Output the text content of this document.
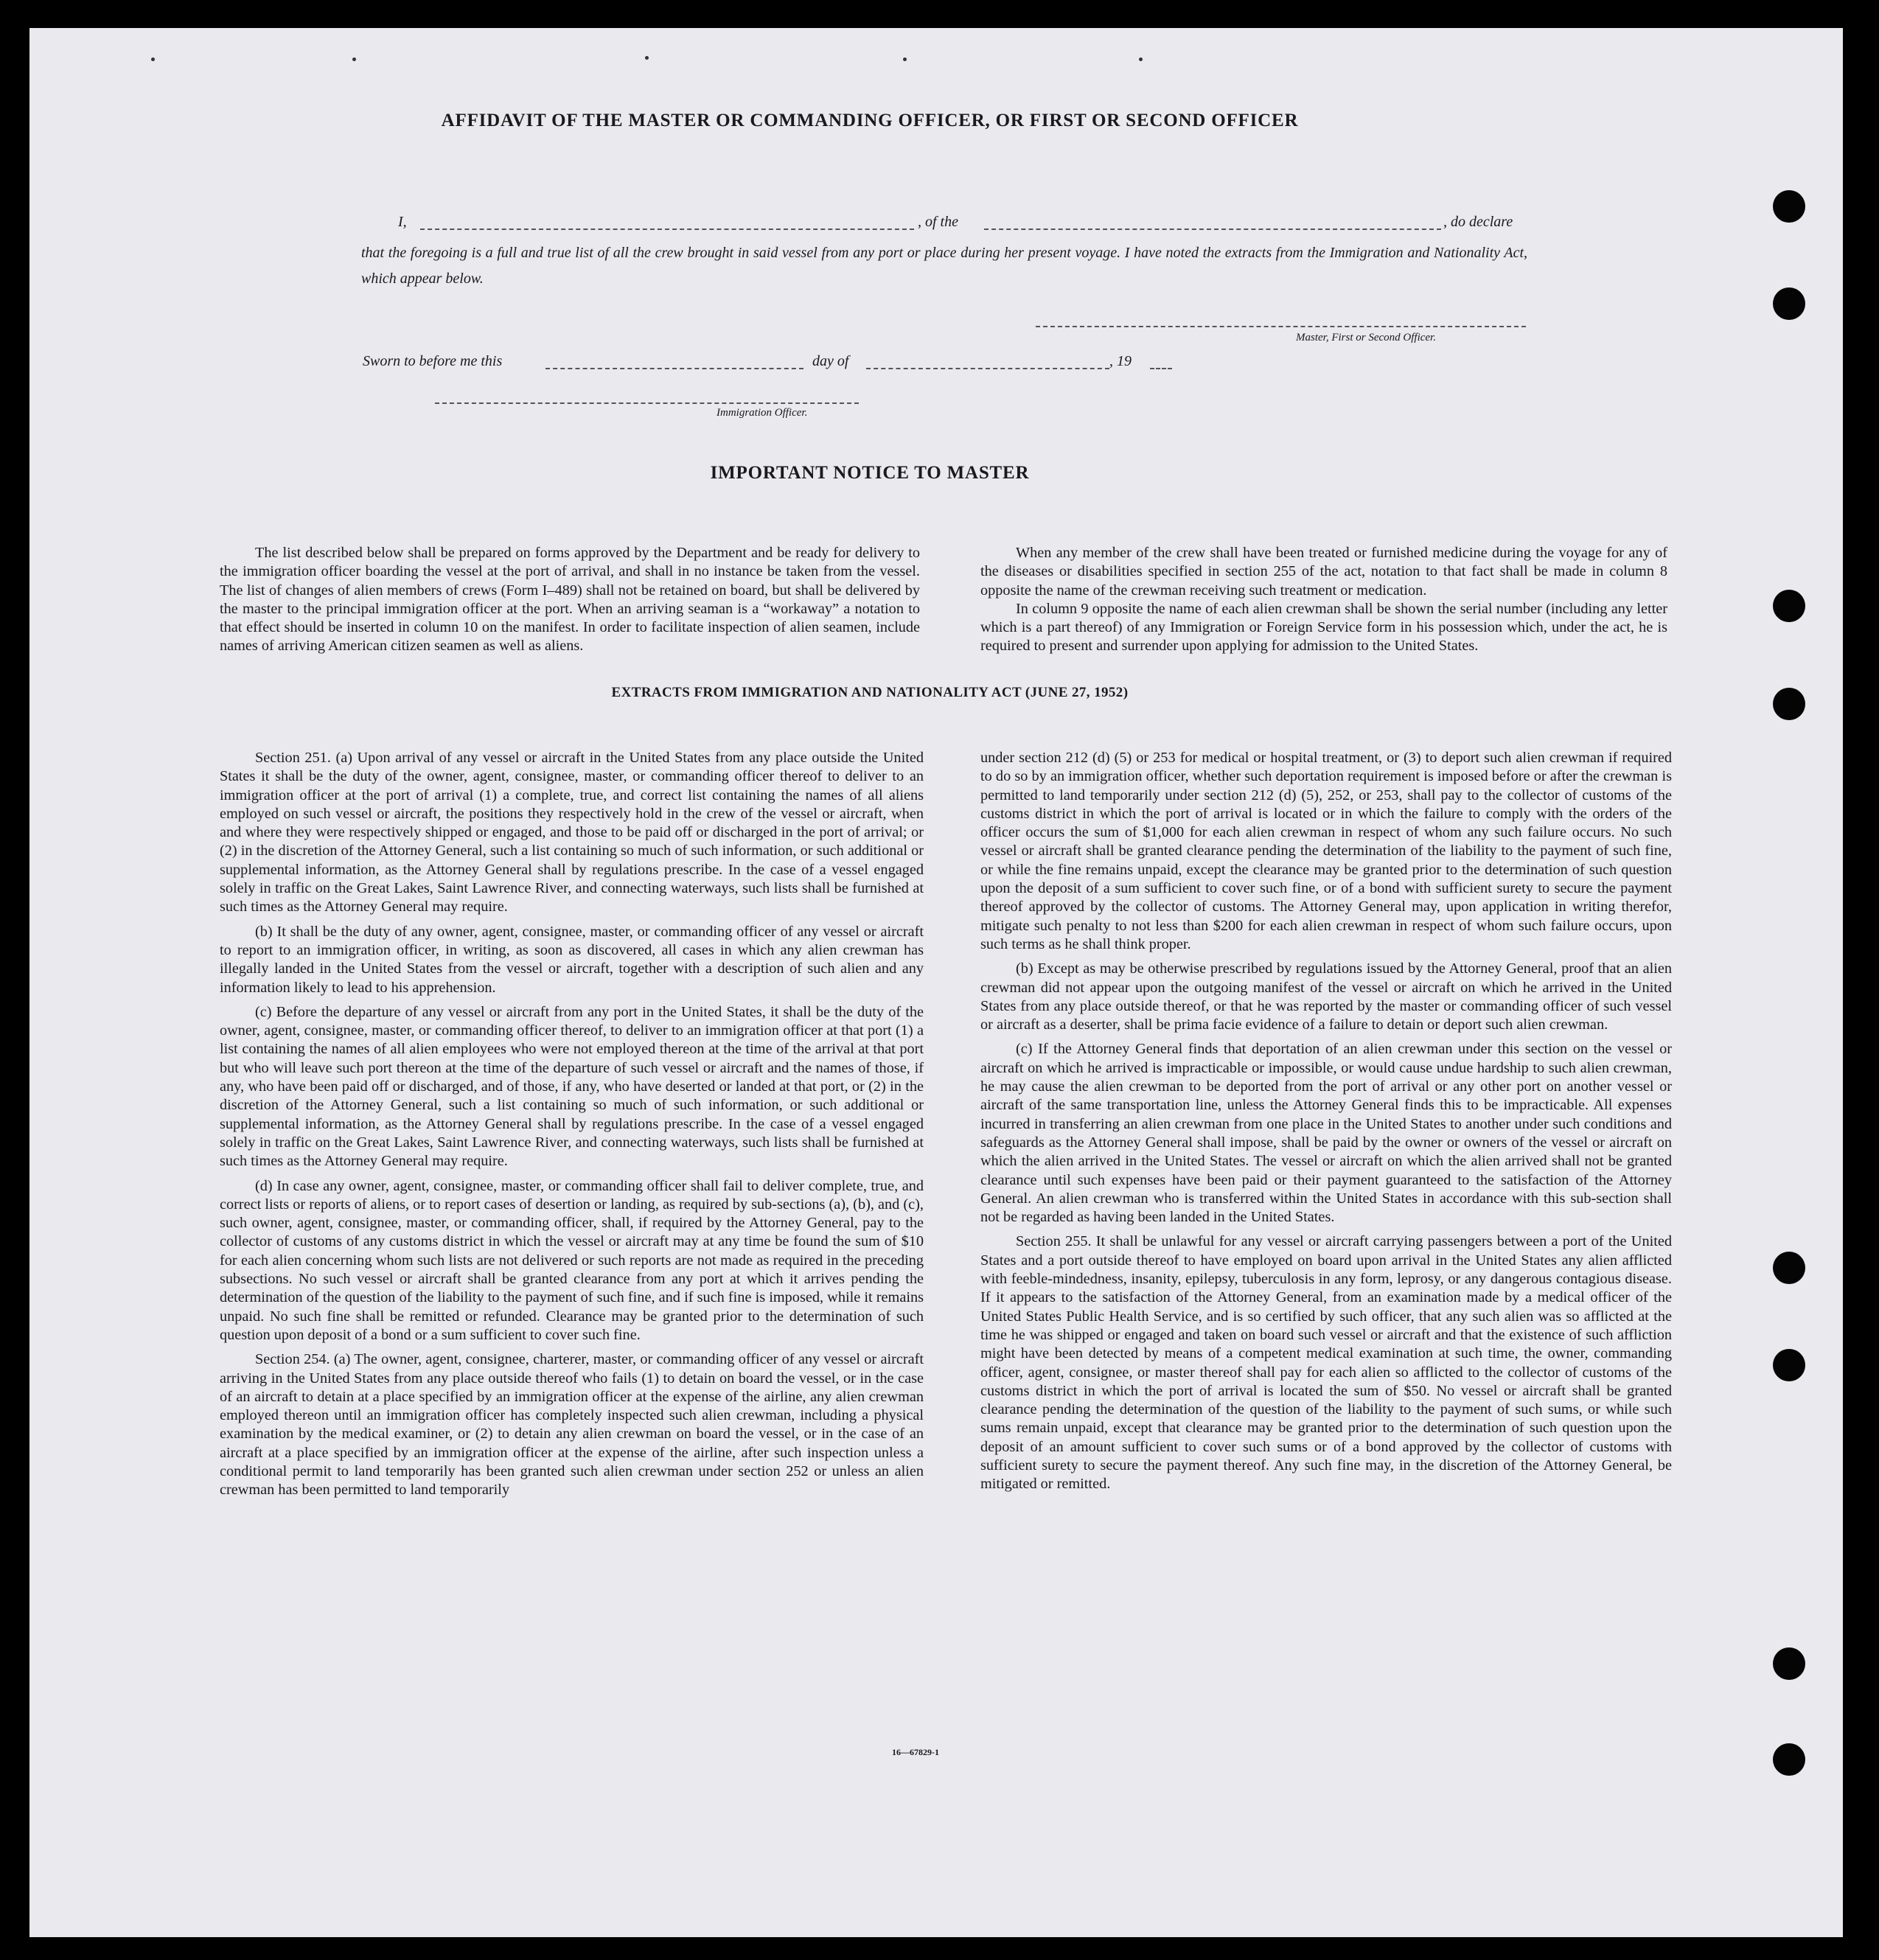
AFFIDAVIT OF THE MASTER OR COMMANDING OFFICER, OR FIRST OR SECOND OFFICER
I,	, of the	, do declare
that the foregoing is a full and true list of all the crew brought in said vessel from any port or place during her present voyage. I have noted the extracts from the Immigration and Nationality Act, which appear below.
Master, First or Second Officer.
Sworn to before me this	day of	, 19
Immigration Officer.
IMPORTANT NOTICE TO MASTER

The list described below shall be prepared on forms approved by the Department and be ready for delivery to the immigration officer boarding the vessel at the port of arrival, and shall in no instance be taken from the vessel. The list of changes of alien members of crews (Form I–489) shall not be retained on board, but shall be delivered by the master to the principal immigration officer at the port. When an arriving seaman is a “workaway” a notation to that effect should be inserted in column 10 on the manifest. In order to facilitate inspection of alien seamen, include names of arriving American citizen seamen as well as aliens.

When any member of the crew shall have been treated or furnished medicine during the voyage for any of the diseases or disabilities specified in section 255 of the act, notation to that fact shall be made in column 8 opposite the name of the crewman receiving such treatment or medication.

In column 9 opposite the name of each alien crewman shall be shown the serial number (including any letter which is a part thereof) of any Immigration or Foreign Service form in his possession which, under the act, he is required to present and surrender upon applying for admission to the United States.

EXTRACTS FROM IMMIGRATION AND NATIONALITY ACT (JUNE 27, 1952)

Section 251. (a) Upon arrival of any vessel or aircraft in the United States from any place outside the United States it shall be the duty of the owner, agent, consignee, master, or commanding officer thereof to deliver to an immigration officer at the port of arrival (1) a complete, true, and correct list containing the names of all aliens employed on such vessel or aircraft, the positions they respectively hold in the crew of the vessel or aircraft, when and where they were respectively shipped or engaged, and those to be paid off or discharged in the port of arrival; or (2) in the discretion of the Attorney General, such a list containing so much of such information, or such additional or supplemental information, as the Attorney General shall by regulations prescribe. In the case of a vessel engaged solely in traffic on the Great Lakes, Saint Lawrence River, and connecting waterways, such lists shall be furnished at such times as the Attorney General may require.

(b) It shall be the duty of any owner, agent, consignee, master, or commanding officer of any vessel or aircraft to report to an immigration officer, in writing, as soon as discovered, all cases in which any alien crewman has illegally landed in the United States from the vessel or aircraft, together with a description of such alien and any information likely to lead to his apprehension.

(c) Before the departure of any vessel or aircraft from any port in the United States, it shall be the duty of the owner, agent, consignee, master, or commanding officer thereof, to deliver to an immigration officer at that port (1) a list containing the names of all alien employees who were not employed thereon at the time of the arrival at that port but who will leave such port thereon at the time of the departure of such vessel or aircraft and the names of those, if any, who have been paid off or discharged, and of those, if any, who have deserted or landed at that port, or (2) in the discretion of the Attorney General, such a list containing so much of such information, or such additional or supplemental information, as the Attorney General shall by regulations prescribe. In the case of a vessel engaged solely in traffic on the Great Lakes, Saint Lawrence River, and connecting waterways, such lists shall be furnished at such times as the Attorney General may require.

(d) In case any owner, agent, consignee, master, or commanding officer shall fail to deliver complete, true, and correct lists or reports of aliens, or to report cases of desertion or landing, as required by sub-sections (a), (b), and (c), such owner, agent, consignee, master, or commanding officer, shall, if required by the Attorney General, pay to the collector of customs of any customs district in which the vessel or aircraft may at any time be found the sum of $10 for each alien concerning whom such lists are not delivered or such reports are not made as required in the preceding subsections. No such vessel or aircraft shall be granted clearance from any port at which it arrives pending the determination of the question of the liability to the payment of such fine, and if such fine is imposed, while it remains unpaid. No such fine shall be remitted or refunded. Clearance may be granted prior to the determination of such question upon deposit of a bond or a sum sufficient to cover such fine.

Section 254. (a) The owner, agent, consignee, charterer, master, or commanding officer of any vessel or aircraft arriving in the United States from any place outside thereof who fails (1) to detain on board the vessel, or in the case of an aircraft to detain at a place specified by an immigration officer at the expense of the airline, any alien crewman employed thereon until an immigration officer has completely inspected such alien crewman, including a physical examination by the medical examiner, or (2) to detain any alien crewman on board the vessel, or in the case of an aircraft at a place specified by an immigration officer at the expense of the airline, after such inspection unless a conditional permit to land temporarily has been granted such alien crewman under section 252 or unless an alien crewman has been permitted to land temporarily

under section 212 (d) (5) or 253 for medical or hospital treatment, or (3) to deport such alien crewman if required to do so by an immigration officer, whether such deportation requirement is imposed before or after the crewman is permitted to land temporarily under section 212 (d) (5), 252, or 253, shall pay to the collector of customs of the customs district in which the port of arrival is located or in which the failure to comply with the orders of the officer occurs the sum of $1,000 for each alien crewman in respect of whom any such failure occurs. No such vessel or aircraft shall be granted clearance pending the determination of the liability to the payment of such fine, or while the fine remains unpaid, except the clearance may be granted prior to the determination of such question upon the deposit of a sum sufficient to cover such fine, or of a bond with sufficient surety to secure the payment thereof approved by the collector of customs. The Attorney General may, upon application in writing therefor, mitigate such penalty to not less than $200 for each alien crewman in respect of whom such failure occurs, upon such terms as he shall think proper.

(b) Except as may be otherwise prescribed by regulations issued by the Attorney General, proof that an alien crewman did not appear upon the outgoing manifest of the vessel or aircraft on which he arrived in the United States from any place outside thereof, or that he was reported by the master or commanding officer of such vessel or aircraft as a deserter, shall be prima facie evidence of a failure to detain or deport such alien crewman.

(c) If the Attorney General finds that deportation of an alien crewman under this section on the vessel or aircraft on which he arrived is impracticable or impossible, or would cause undue hardship to such alien crewman, he may cause the alien crewman to be deported from the port of arrival or any other port on another vessel or aircraft of the same transportation line, unless the Attorney General finds this to be impracticable. All expenses incurred in transferring an alien crewman from one place in the United States to another under such conditions and safeguards as the Attorney General shall impose, shall be paid by the owner or owners of the vessel or aircraft on which the alien arrived in the United States. The vessel or aircraft on which the alien arrived shall not be granted clearance until such expenses have been paid or their payment guaranteed to the satisfaction of the Attorney General. An alien crewman who is transferred within the United States in accordance with this sub-section shall not be regarded as having been landed in the United States.

Section 255. It shall be unlawful for any vessel or aircraft carrying passengers between a port of the United States and a port outside thereof to have employed on board upon arrival in the United States any alien afflicted with feeble-mindedness, insanity, epilepsy, tuberculosis in any form, leprosy, or any dangerous contagious disease. If it appears to the satisfaction of the Attorney General, from an examination made by a medical officer of the United States Public Health Service, and is so certified by such officer, that any such alien was so afflicted at the time he was shipped or engaged and taken on board such vessel or aircraft and that the existence of such affliction might have been detected by means of a competent medical examination at such time, the owner, commanding officer, agent, consignee, or master thereof shall pay for each alien so afflicted to the collector of customs of the customs district in which the port of arrival is located the sum of $50. No vessel or aircraft shall be granted clearance pending the determination of the question of the liability to the payment of such sums, or while such sums remain unpaid, except that clearance may be granted prior to the determination of such question upon the deposit of an amount sufficient to cover such sums or of a bond approved by the collector of customs with sufficient surety to secure the payment thereof. Any such fine may, in the discretion of the Attorney General, be mitigated or remitted.

16—67829-1
